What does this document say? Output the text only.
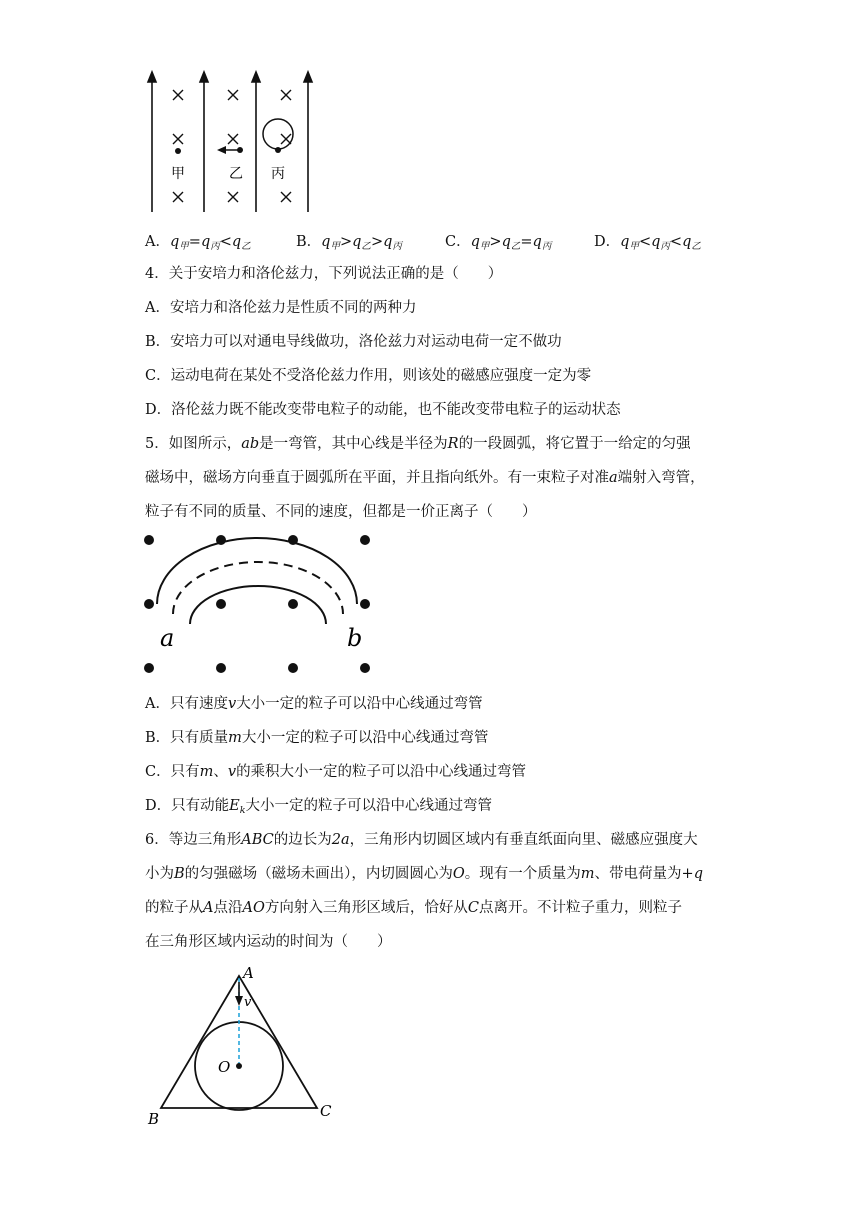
甲	乙 丙
A．$q_甲=q_丙<q_乙$	B．$q_甲>q_乙>q_丙$	C．$q_甲>q_乙=q_丙$	D．$q_甲<q_丙<q_乙$
4．关于安培力和洛伦兹力，下列说法正确的是（　　）
A．安培力和洛伦兹力是性质不同的两种力
B．安培力可以对通电导线做功，洛伦兹力对运动电荷一定不做功
C．运动电荷在某处不受洛伦兹力作用，则该处的磁感应强度一定为零
D．洛伦兹力既不能改变带电粒子的动能，也不能改变带电粒子的运动状态
5．如图所示，ab是一弯管，其中心线是半径为R的一段圆弧，将它置于一给定的匀强
磁场中，磁场方向垂直于圆弧所在平面，并且指向纸外。有一束粒子对准a端射入弯管，
粒子有不同的质量、不同的速度，但都是一价正离子（　　）
a	b
A．只有速度v大小一定的粒子可以沿中心线通过弯管
B．只有质量m大小一定的粒子可以沿中心线通过弯管
C．只有m、v的乘积大小一定的粒子可以沿中心线通过弯管
D．只有动能$E_k$大小一定的粒子可以沿中心线通过弯管
6．等边三角形ABC的边长为2a，三角形内切圆区域内有垂直纸面向里、磁感应强度大
小为B的匀强磁场（磁场未画出），内切圆圆心为O。现有一个质量为m、带电荷量为+q
的粒子从A点沿AO方向射入三角形区域后，恰好从C点离开。不计粒子重力，则粒子
在三角形区域内运动的时间为（　　）
A
v
O
B	C
